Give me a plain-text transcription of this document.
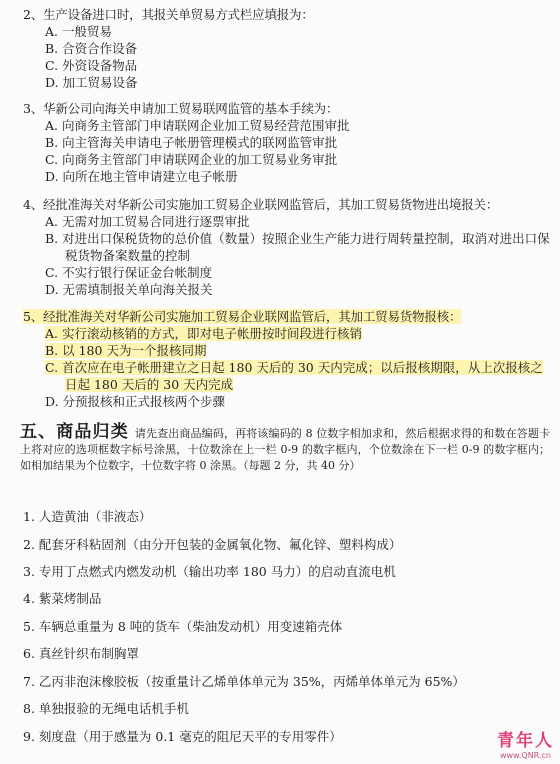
2、生产设备进口时，其报关单贸易方式栏应填报为：
A. 一般贸易
B. 合资合作设备
C. 外资设备物品
D. 加工贸易设备
3、华新公司向海关申请加工贸易联网监管的基本手续为：
A. 向商务主管部门申请联网企业加工贸易经营范围审批
B. 向主管海关申请电子帐册管理模式的联网监管审批
C. 向商务主管部门申请联网企业的加工贸易业务审批
D. 向所在地主管申请建立电子帐册
4、经批准海关对华新公司实施加工贸易企业联网监管后，其加工贸易货物进出境报关：
A. 无需对加工贸易合同进行逐票审批
B. 对进出口保税货物的总价值（数量）按照企业生产能力进行周转量控制，取消对进出口保税货物备案数量的控制
C. 不实行银行保证金台帐制度
D. 无需填制报关单向海关报关
5、经批准海关对华新公司实施加工贸易企业联网监管后，其加工贸易货物报核：
A. 实行滚动核销的方式，即对电子帐册按时间段进行核销
B. 以 180 天为一个报核同期
C. 首次应在电子帐册建立之日起 180 天后的 30 天内完成；以后报核期限，从上次报核之日起 180 天后的 30 天内完成
D. 分预报核和正式报核两个步骤
五、商品归类 请先查出商品编码，再将该编码的 8 位数字相加求和，然后根据求得的和数在答题卡上将对应的选项框数字标号涂黑，十位数涂在上一栏 0-9 的数字框内，个位数涂在下一栏 0-9 的数字框内；如相加结果为个位数字，十位数字将 0 涂黑。（每题 2 分，共 40 分）
1. 人造黄油（非液态）
2. 配套牙科粘固剂（由分开包装的金属氧化物、氟化锌、塑料构成）
3. 专用丁点燃式内燃发动机（输出功率 180 马力）的启动直流电机
4. 紫菜烤制品
5. 车辆总重量为 8 吨的货车（柴油发动机）用变速箱壳体
6. 真丝针织布制胸罩
7. 乙丙非泡沫橡胶板（按重量计乙烯单体单元为 35%，丙烯单体单元为 65%）
8. 单独报验的无绳电话机手机
9. 刻度盘（用于感量为 0.1 毫克的阻尼天平的专用零件）	青年人
www.QNR.cn
